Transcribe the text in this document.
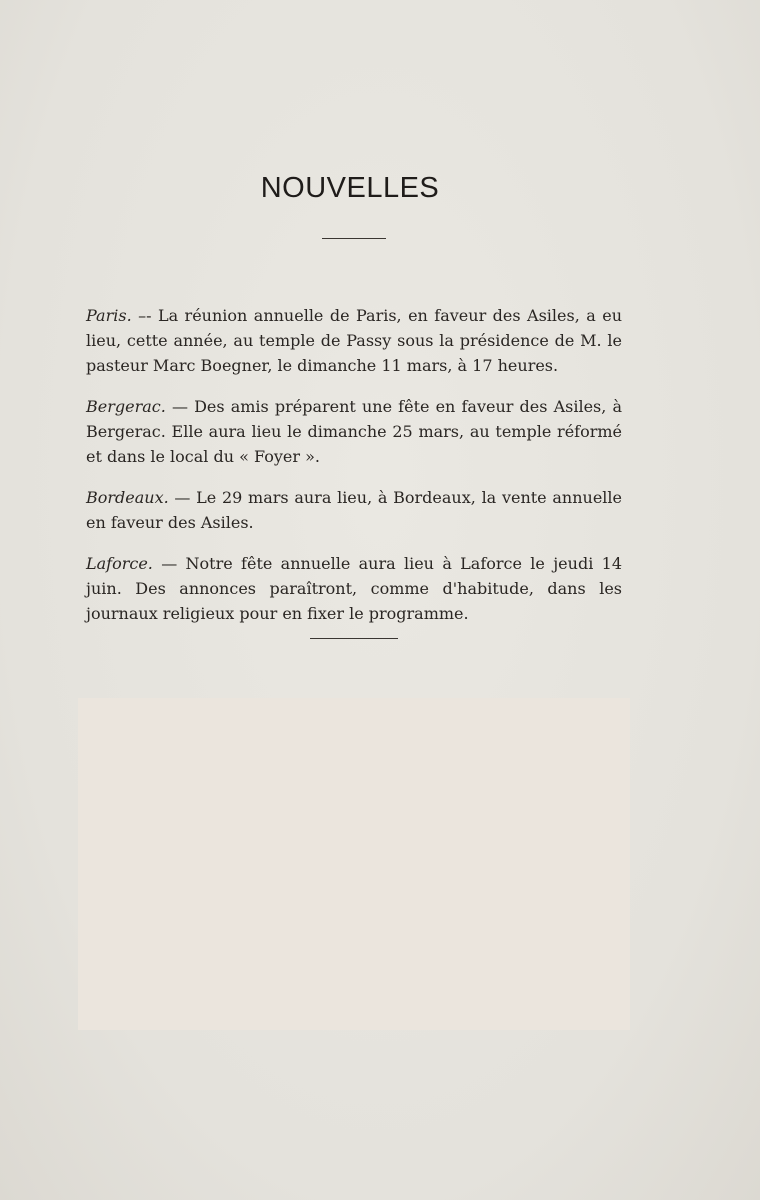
NOUVELLES

Paris. –- La réunion annuelle de Paris, en faveur des Asiles, a eu lieu, cette année, au temple de Passy sous la présidence de M. le pasteur Marc Boegner, le dimanche 11 mars, à 17 heures.

Bergerac. — Des amis préparent une fête en faveur des Asiles, à Bergerac. Elle aura lieu le dimanche 25 mars, au temple réformé et dans le local du « Foyer ».

Bordeaux. — Le 29 mars aura lieu, à Bordeaux, la vente annuelle en faveur des Asiles.

Laforce. — Notre fête annuelle aura lieu à Laforce le jeudi 14 juin. Des annonces paraîtront, comme d'habitude, dans les journaux religieux pour en fixer le programme.
